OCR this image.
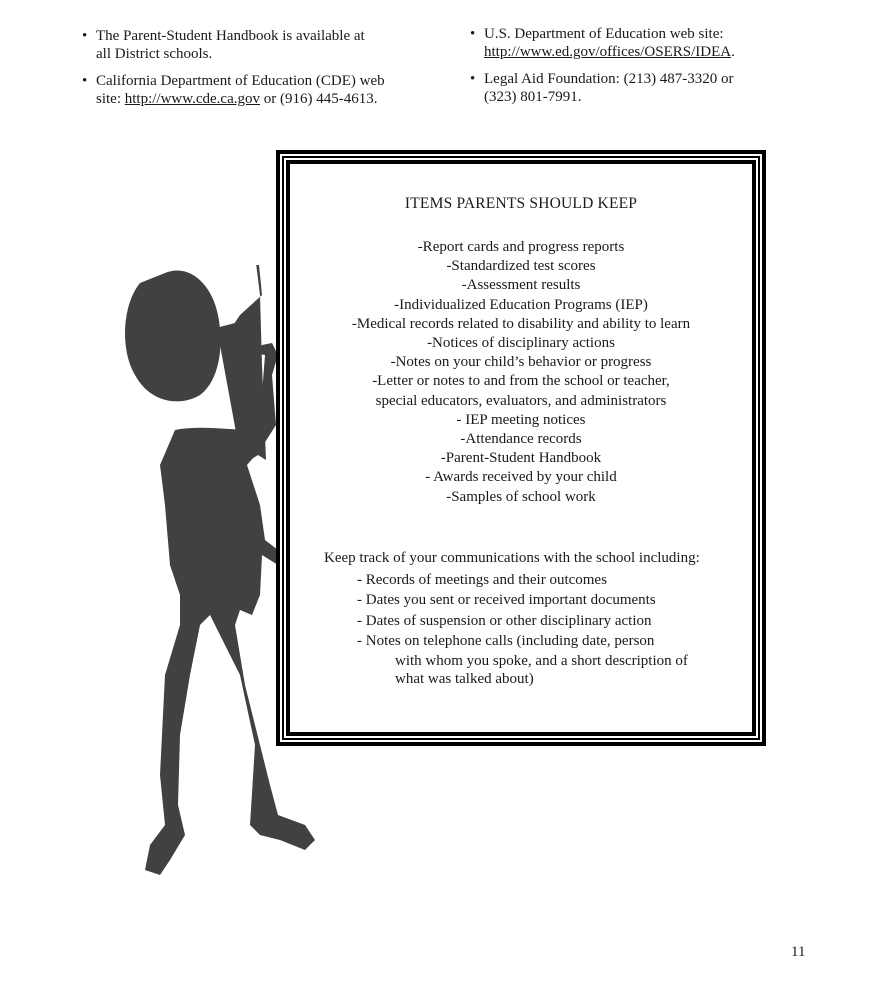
• The Parent-Student Handbook is available at
all District schools.
• California Department of Education (CDE) web
site: http://www.cde.ca.gov or (916) 445-4613.
• U.S. Department of Education web site:
http://www.ed.gov/offices/OSERS/IDEA.
• Legal Aid Foundation: (213) 487-3320 or
(323) 801-7991.
ITEMS PARENTS SHOULD KEEP
-Report cards and progress reports
-Standardized test scores
-Assessment results
-Individualized Education Programs (IEP)
-Medical records related to disability and ability to learn
-Notices of disciplinary actions
-Notes on your child’s behavior or progress
-Letter or notes to and from the school or teacher,
special educators, evaluators, and administrators
- IEP meeting notices
-Attendance records
-Parent-Student Handbook
- Awards received by your child
-Samples of school work
Keep track of your communications with the school including:
- Records of meetings and their outcomes
- Dates you sent or received important documents
- Dates of suspension or other disciplinary action
- Notes on telephone calls (including date, person
with whom you spoke, and a short description of
what was talked about)
11
